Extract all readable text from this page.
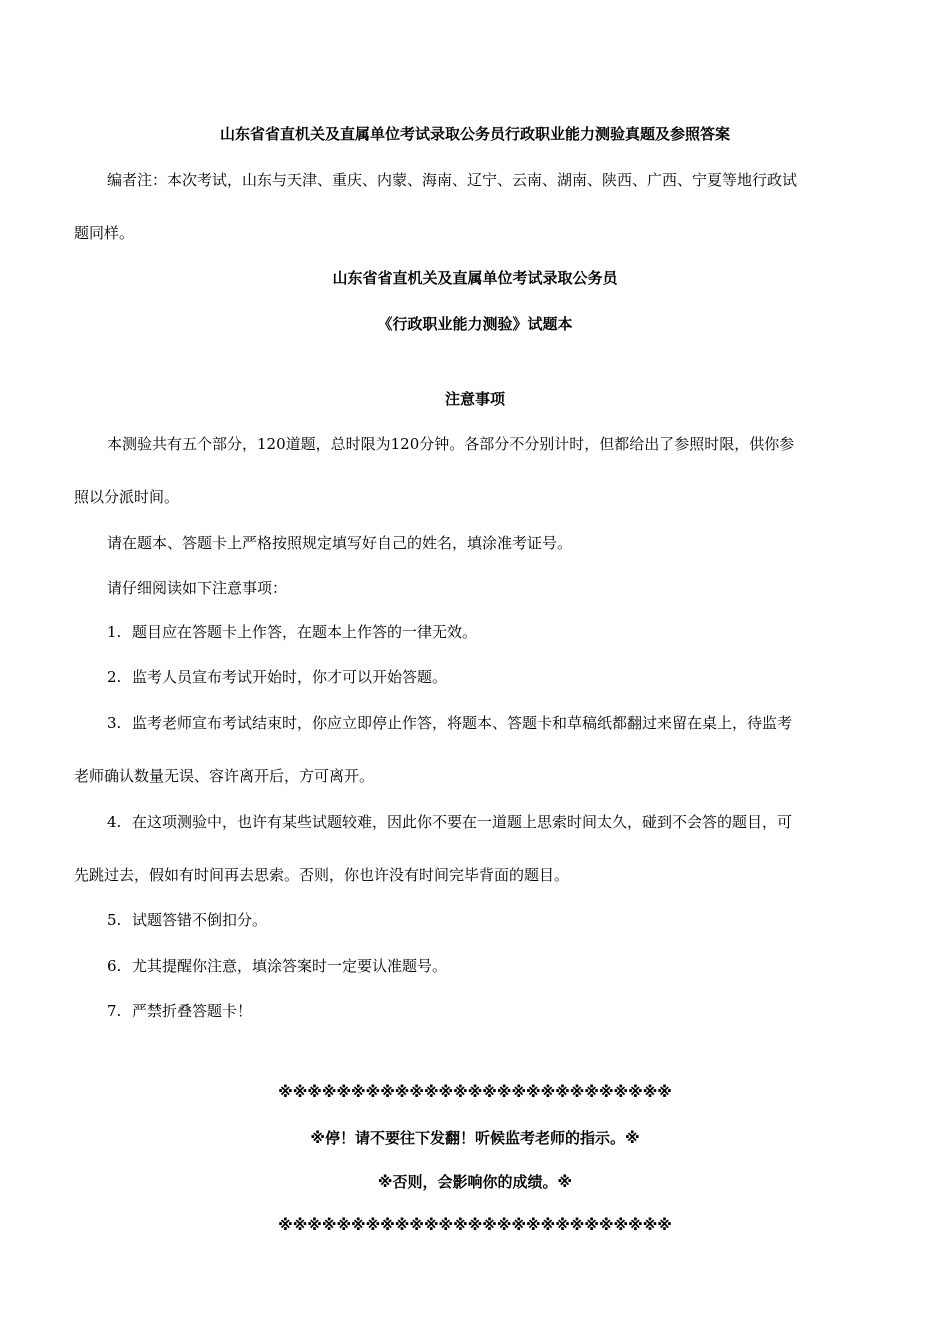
山东省省直机关及直属单位考试录取公务员行政职业能力测验真题及参照答案
编者注：本次考试，山东与天津、重庆、内蒙、海南、辽宁、云南、湖南、陕西、广西、宁夏等地行政试
题同样。
山东省省直机关及直属单位考试录取公务员
《行政职业能力测验》试题本
注意事项
本测验共有五个部分，120道题，总时限为120分钟。各部分不分别计时，但都给出了参照时限，供你参
照以分派时间。
请在题本、答题卡上严格按照规定填写好自己的姓名，填涂准考证号。
请仔细阅读如下注意事项：
1. 题目应在答题卡上作答，在题本上作答的一律无效。
2. 监考人员宣布考试开始时，你才可以开始答题。
3. 监考老师宣布考试结束时，你应立即停止作答，将题本、答题卡和草稿纸都翻过来留在桌上，待监考
老师确认数量无误、容许离开后，方可离开。
4. 在这项测验中，也许有某些试题较难，因此你不要在一道题上思索时间太久，碰到不会答的题目，可
先跳过去，假如有时间再去思索。否则，你也许没有时间完毕背面的题目。
5. 试题答错不倒扣分。
6. 尤其提醒你注意，填涂答案时一定要认准题号。
7. 严禁折叠答题卡！
※※※※※※※※※※※※※※※※※※※※※※※※※※※
※停！请不要往下发翻！听候监考老师的指示。※
※否则，会影响你的成绩。※
※※※※※※※※※※※※※※※※※※※※※※※※※※※
